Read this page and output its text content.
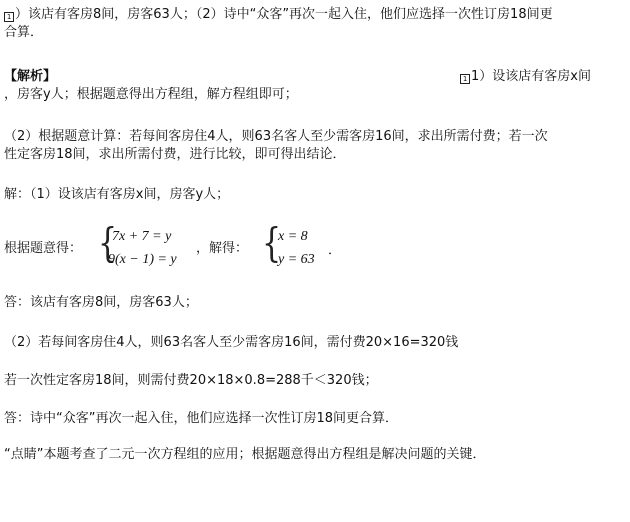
1 ）该店有客房8间，房客63人；（2）诗中“众客”再次一起入住，他们应选择一次性订房18间更
合算．
【解析】	1 1）设该店有客房x间
，房客y人；根据题意得出方程组，解方程组即可；
（2）根据题意计算：若每间客房住4人，则63名客人至少需客房16间，求出所需付费；若一次
性定客房18间，求出所需付费，进行比较，即可得出结论．
解：（1）设该店有客房x间，房客y人；
根据题意得： {
7x + 7 = y
9(x − 1) = y
，解得： {
x = 8
y = 63
．
答：该店有客房8间，房客63人；
（2）若每间客房住4人，则63名客人至少需客房16间，需付费20×16=320钱
若一次性定客房18间，则需付费20×18×0.8=288千＜320钱；
答：诗中“众客”再次一起入住，他们应选择一次性订房18间更合算．
“点睛”本题考查了二元一次方程组的应用；根据题意得出方程组是解决问题的关键．
